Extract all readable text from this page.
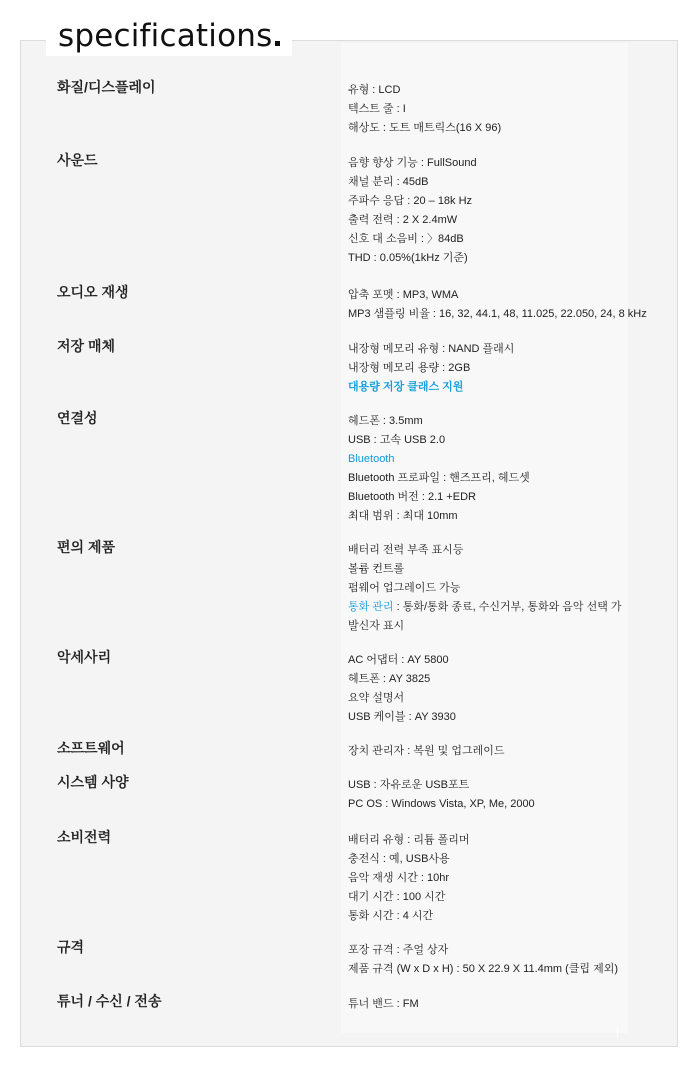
specifications
화질/디스플레이	유형 : LCD
텍스트 줄 : I
해상도 : 도트 매트릭스(16 X 96)
사운드	음향 향상 기능 : FullSound
채널 분리 : 45dB
주파수 응답 : 20 – 18k Hz
출력 전력 : 2 X 2.4mW
신호 대 소음비 : 〉84dB
THD : 0.05%(1kHz 기준)
오디오 재생	압축 포멧 : MP3, WMA
MP3 샘플링 비율 : 16, 32, 44.1, 48, 11.025, 22.050, 24, 8 kHz
저장 매체	내장형 메모리 유형 : NAND 플래시
내장형 메모리 용량 : 2GB
대용량 저장 클래스 지원
연결성	헤드폰 : 3.5mm
USB : 고속 USB 2.0
Bluetooth
Bluetooth 프로파일 : 핸즈프리, 헤드셋
Bluetooth 버전 : 2.1 +EDR
최대 범위 : 최대 10mm
편의 제품	배터리 전력 부족 표시등
볼륨 컨트롤
펌웨어 업그레이드 가능
통화 관리 : 통화/통화 종료, 수신거부, 통화와 음악 선택 가
발신자 표시
악세사리	AC 어댑터 : AY 5800
헤트폰 : AY 3825
요약 설명서
USB 케이블 : AY 3930
소프트웨어	장치 관리자 : 복원 및 업그레이드
시스템 사양	USB : 자유로운 USB포트
PC OS : Windows Vista, XP, Me, 2000
소비전력	배터리 유형 : 리튬 폴리머
충전식 : 예, USB사용
음악 재생 시간 : 10hr
대기 시간 : 100 시간
통화 시간 : 4 시간
규격	포장 규격 : 주얼 상자
제품 규격 (W x D x H) : 50 X 22.9 X 11.4mm (클립 제외)
튜너 / 수신 / 전송	튜너 밴드 : FM
